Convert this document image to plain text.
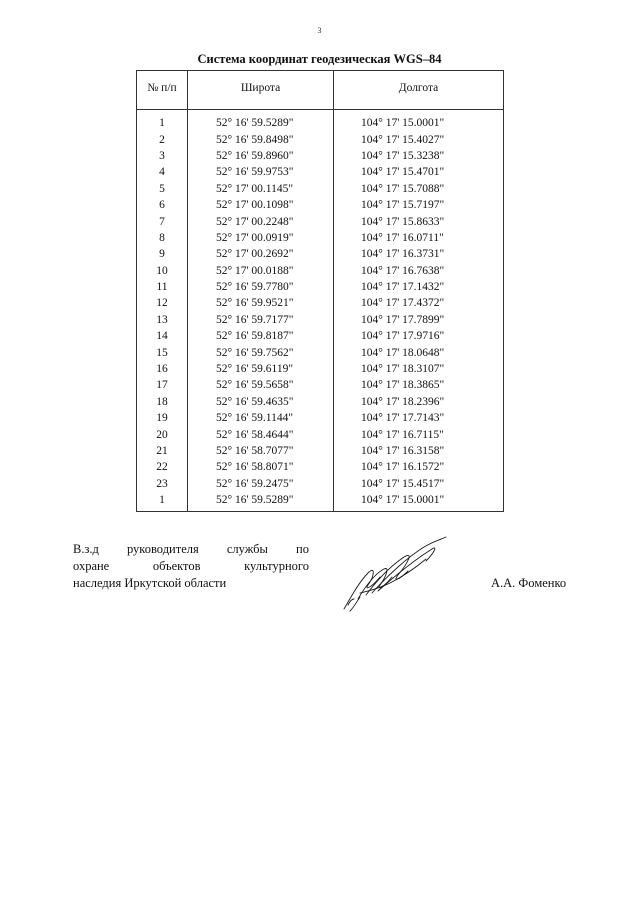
3
Система координат геодезическая WGS–84
№ п/п	Широта	Долгота
1	52° 16' 59.5289"	104° 17' 15.0001"
2	52° 16' 59.8498"	104° 17' 15.4027"
3	52° 16' 59.8960"	104° 17' 15.3238"
4	52° 16' 59.9753"	104° 17' 15.4701"
5	52° 17' 00.1145"	104° 17' 15.7088"
6	52° 17' 00.1098"	104° 17' 15.7197"
7	52° 17' 00.2248"	104° 17' 15.8633"
8	52° 17' 00.0919"	104° 17' 16.0711"
9	52° 17' 00.2692"	104° 17' 16.3731"
10	52° 17' 00.0188"	104° 17' 16.7638"
11	52° 16' 59.7780"	104° 17' 17.1432"
12	52° 16' 59.9521"	104° 17' 17.4372"
13	52° 16' 59.7177"	104° 17' 17.7899"
14	52° 16' 59.8187"	104° 17' 17.9716"
15	52° 16' 59.7562"	104° 17' 18.0648"
16	52° 16' 59.6119"	104° 17' 18.3107"
17	52° 16' 59.5658"	104° 17' 18.3865"
18	52° 16' 59.4635"	104° 17' 18.2396"
19	52° 16' 59.1144"	104° 17' 17.7143"
20	52° 16' 58.4644"	104° 17' 16.7115"
21	52° 16' 58.7077"	104° 17' 16.3158"
22	52° 16' 58.8071"	104° 17' 16.1572"
23	52° 16' 59.2475"	104° 17' 15.4517"
1	52° 16' 59.5289"	104° 17' 15.0001"
В.з.д руководителя службы по
охране	объектов	культурного
наследия Иркутской области	А.А. Фоменко
